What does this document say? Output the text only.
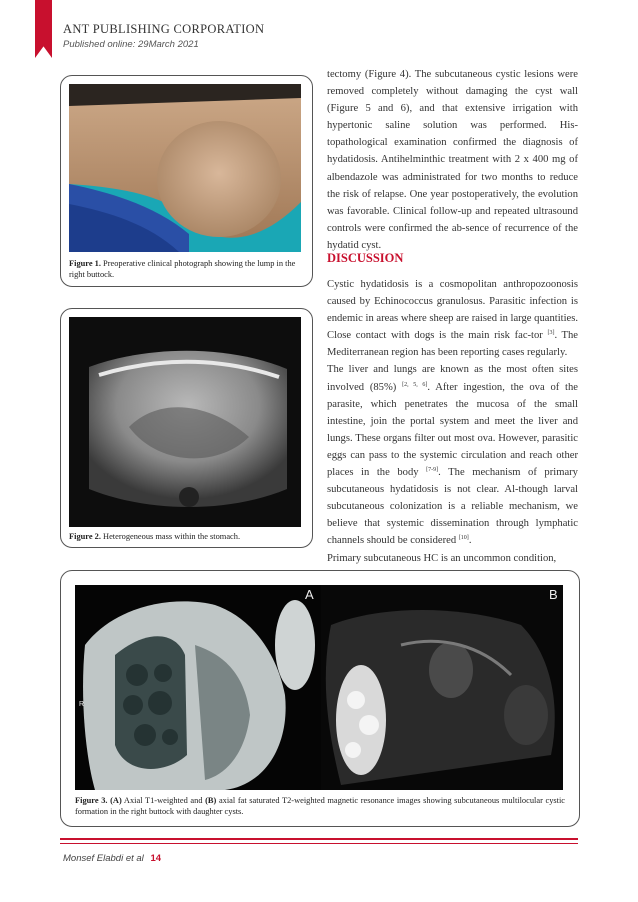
ANT PUBLISHING CORPORATION
Published online: 29March 2021
Figure 1. Preoperative clinical photograph showing the lump in the right buttock.
Figure 2. Heterogeneous mass within the stomach.

tectomy (Figure 4). The subcutaneous cystic lesions were removed completely without damaging the cyst wall (Figure 5 and 6), and that extensive irrigation with hypertonic saline solution was performed. His-topathological examination confirmed the diagnosis of hydatidosis. Antihelminthic treatment with 2 x 400 mg of albendazole was administrated for two months to reduce the risk of relapse. One year postoperatively, the evolution was favorable. Clinical follow-up and repeated ultrasound controls were confirmed the ab-sence of recurrence of the hydatid cyst.

DISCUSSION

Cystic hydatidosis is a cosmopolitan anthropozoonosis caused by Echinococcus granulosus. Parasitic infection is endemic in areas where sheep are raised in large quantities. Close contact with dogs is the main risk fac-tor [3]. The Mediterranean region has been reporting cases regularly.

The liver and lungs are known as the most often sites involved (85%) [2, 5, 6]. After ingestion, the ova of the parasite, which penetrates the mucosa of the small intestine, join the portal system and meet the liver and lungs. These organs filter out most ova. However, parasitic eggs can pass to the systemic circulation and reach other places in the body [7-9]. The mechanism of primary subcutaneous hydatidosis is not clear. Al-though larval subcutaneous colonization is a reliable mechanism, we believe that systemic dissemination through lymphatic channels should be considered [10].

Primary subcutaneous HC is an uncommon condition,

A
R
B
Figure 3. (A) Axial T1-weighted and (B) axial fat saturated T2-weighted magnetic resonance images showing subcutaneous multilocular cystic formation in the right buttock with daughter cysts.
Monsef Elabdi et al 14
